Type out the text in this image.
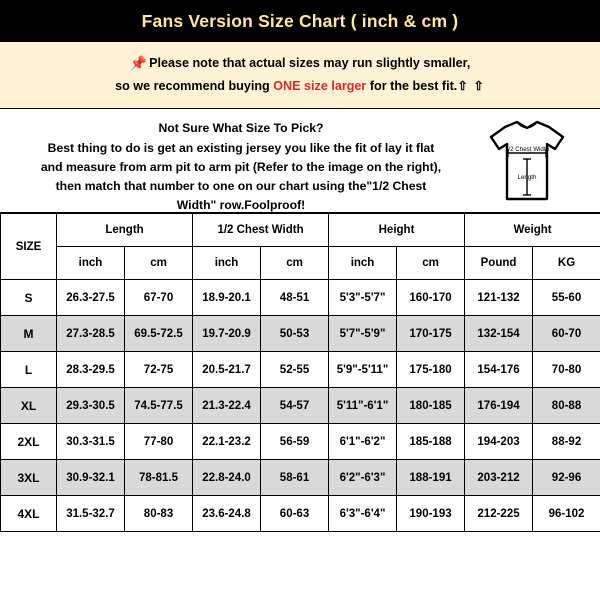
Fans Version Size Chart ( inch & cm )
📌 Please note that actual sizes may run slightly smaller,
so we recommend buying ONE size larger for the best fit.⇧ ⇧
Not Sure What Size To Pick?
Best thing to do is get an existing jersey you like the fit of lay it flat
and measure from arm pit to arm pit (Refer to the image on the right),
then match that number to one on our chart using the"1/2 Chest
Width" row.Foolproof!
1/2 Chest Width
Length
SIZE	Length		1/2 Chest Width		Height		Weight	
	inch	cm	inch	cm	inch	cm	Pound	KG
S	26.3-27.5	67-70	18.9-20.1	48-51	5'3"-5'7"	160-170	121-132	55-60
M	27.3-28.5	69.5-72.5	19.7-20.9	50-53	5'7"-5'9"	170-175	132-154	60-70
L	28.3-29.5	72-75	20.5-21.7	52-55	5'9"-5'11"	175-180	154-176	70-80
XL	29.3-30.5	74.5-77.5	21.3-22.4	54-57	5'11"-6'1"	180-185	176-194	80-88
2XL	30.3-31.5	77-80	22.1-23.2	56-59	6'1"-6'2"	185-188	194-203	88-92
3XL	30.9-32.1	78-81.5	22.8-24.0	58-61	6'2"-6'3"	188-191	203-212	92-96
4XL	31.5-32.7	80-83	23.6-24.8	60-63	6'3"-6'4"	190-193	212-225	96-102
